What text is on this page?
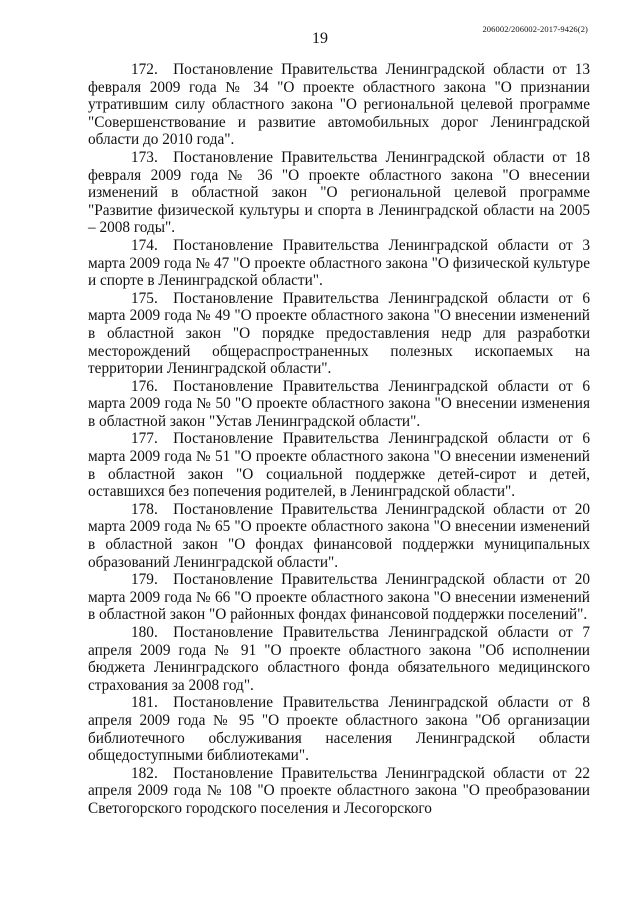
19
206002/206002-2017-9426(2)

172. Постановление Правительства Ленинградской области от 13 февраля 2009 года № 34 "О проекте областного закона "О признании утратившим силу областного закона "О региональной целевой программе "Совершенствование и развитие автомобильных дорог Ленинградской области до 2010 года".

173. Постановление Правительства Ленинградской области от 18 февраля 2009 года № 36 "О проекте областного закона "О внесении изменений в областной закон "О региональной целевой программе "Развитие физической культуры и спорта в Ленинградской области на 2005 – 2008 годы".

174. Постановление Правительства Ленинградской области от 3 марта 2009 года № 47 "О проекте областного закона "О физической культуре и спорте в Ленинградской области".

175. Постановление Правительства Ленинградской области от 6 марта 2009 года № 49 "О проекте областного закона "О внесении изменений в областной закон "О порядке предоставления недр для разработки месторождений общераспространенных полезных ископаемых на территории Ленинградской области".

176. Постановление Правительства Ленинградской области от 6 марта 2009 года № 50 "О проекте областного закона "О внесении изменения в областной закон "Устав Ленинградской области".

177. Постановление Правительства Ленинградской области от 6 марта 2009 года № 51 "О проекте областного закона "О внесении изменений в областной закон "О социальной поддержке детей-сирот и детей, оставшихся без попечения родителей, в Ленинградской области".

178. Постановление Правительства Ленинградской области от 20 марта 2009 года № 65 "О проекте областного закона "О внесении изменений в областной закон "О фондах финансовой поддержки муниципальных образований Ленинградской области".

179. Постановление Правительства Ленинградской области от 20 марта 2009 года № 66 "О проекте областного закона "О внесении изменений в областной закон "О районных фондах финансовой поддержки поселений".

180. Постановление Правительства Ленинградской области от 7 апреля 2009 года № 91 "О проекте областного закона "Об исполнении бюджета Ленинградского областного фонда обязательного медицинского страхования за 2008 год".

181. Постановление Правительства Ленинградской области от 8 апреля 2009 года № 95 "О проекте областного закона "Об организации библиотечного обслуживания населения Ленинградской области общедоступными библиотеками".

182. Постановление Правительства Ленинградской области от 22 апреля 2009 года № 108 "О проекте областного закона "О преобразовании Светогорского городского поселения и Лесогорского
